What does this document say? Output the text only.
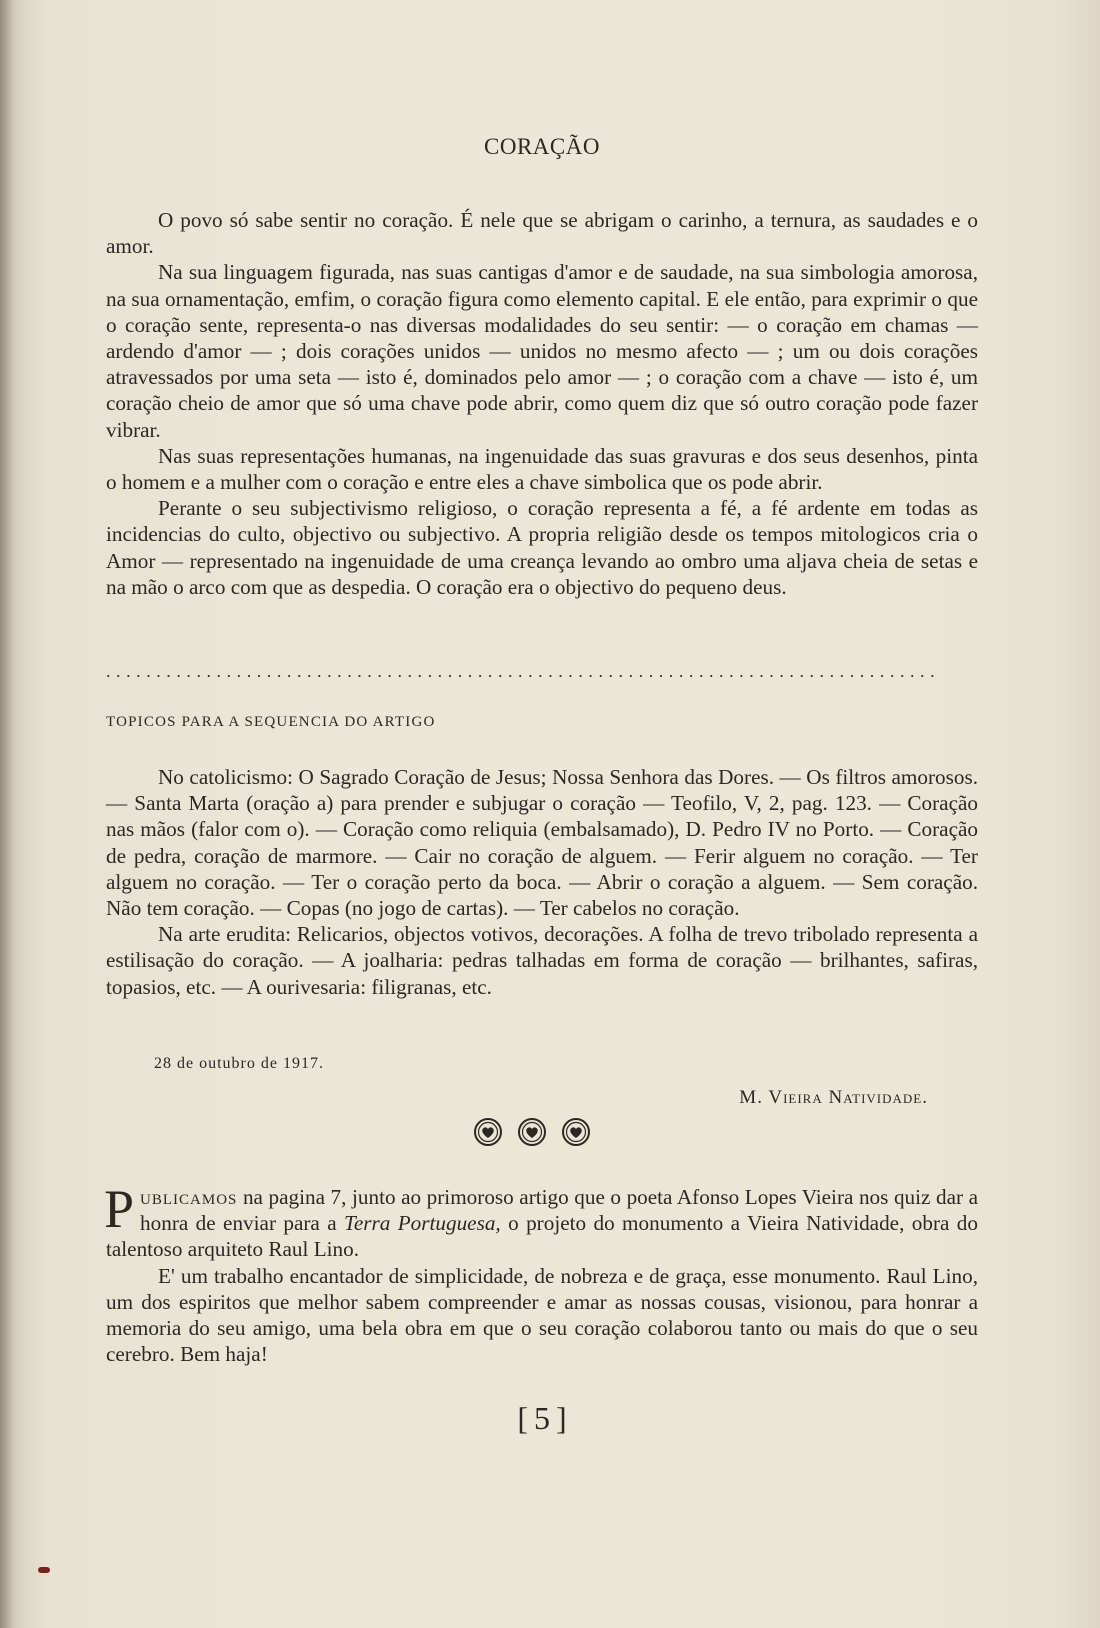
CORAÇÃO

O povo só sabe sentir no coração. É nele que se abrigam o carinho, a ternura, as saudades e o amor.

Na sua linguagem figurada, nas suas cantigas d'amor e de saudade, na sua simbologia amorosa, na sua ornamentação, emfim, o coração figura como elemento capital. E ele então, para exprimir o que o coração sente, representa-o nas diversas modalidades do seu sentir: — o coração em chamas — ardendo d'amor — ; dois corações unidos — unidos no mesmo afecto — ; um ou dois corações atravessados por uma seta — isto é, dominados pelo amor — ; o coração com a chave — isto é, um coração cheio de amor que só uma chave pode abrir, como quem diz que só outro coração pode fazer vibrar.

Nas suas representações humanas, na ingenuidade das suas gravuras e dos seus desenhos, pinta o homem e a mulher com o coração e entre eles a chave simbolica que os pode abrir.

Perante o seu subjectivismo religioso, o coração representa a fé, a fé ardente em todas as incidencias do culto, objectivo ou subjectivo. A propria religião desde os tempos mitologicos cria o Amor — representado na ingenuidade de uma creança levando ao ombro uma aljava cheia de setas e na mão o arco com que as despedia. O coração era o objectivo do pequeno deus.

...................................................................................
TOPICOS PARA A SEQUENCIA DO ARTIGO

No catolicismo: O Sagrado Coração de Jesus; Nossa Senhora das Dores. — Os filtros amorosos. — Santa Marta (oração a) para prender e subjugar o coração — Teofilo, V, 2, pag. 123. — Coração nas mãos (falor com o). — Coração como reliquia (embalsamado), D. Pedro IV no Porto. — Coração de pedra, coração de marmore. — Cair no coração de alguem. — Ferir alguem no coração. — Ter alguem no coração. — Ter o coração perto da boca. — Abrir o coração a alguem. — Sem coração. Não tem coração. — Copas (no jogo de cartas). — Ter cabelos no coração.

Na arte erudita: Relicarios, objectos votivos, decorações. A folha de trevo tribolado representa a estilisação do coração. — A joalharia: pedras talhadas em forma de coração — brilhantes, safiras, topasios, etc. — A ourivesaria: filigranas, etc.

28 de outubro de 1917.
M. Vieira Natividade.

Publicamos na pagina 7, junto ao primoroso artigo que o poeta Afonso Lopes Vieira nos quiz dar a honra de enviar para a Terra Portuguesa, o projeto do monumento a Vieira Natividade, obra do talentoso arquiteto Raul Lino.

E' um trabalho encantador de simplicidade, de nobreza e de graça, esse monumento. Raul Lino, um dos espiritos que melhor sabem compreender e amar as nossas cousas, visionou, para honrar a memoria do seu amigo, uma bela obra em que o seu coração colaborou tanto ou mais do que o seu cerebro. Bem haja!

[5]
